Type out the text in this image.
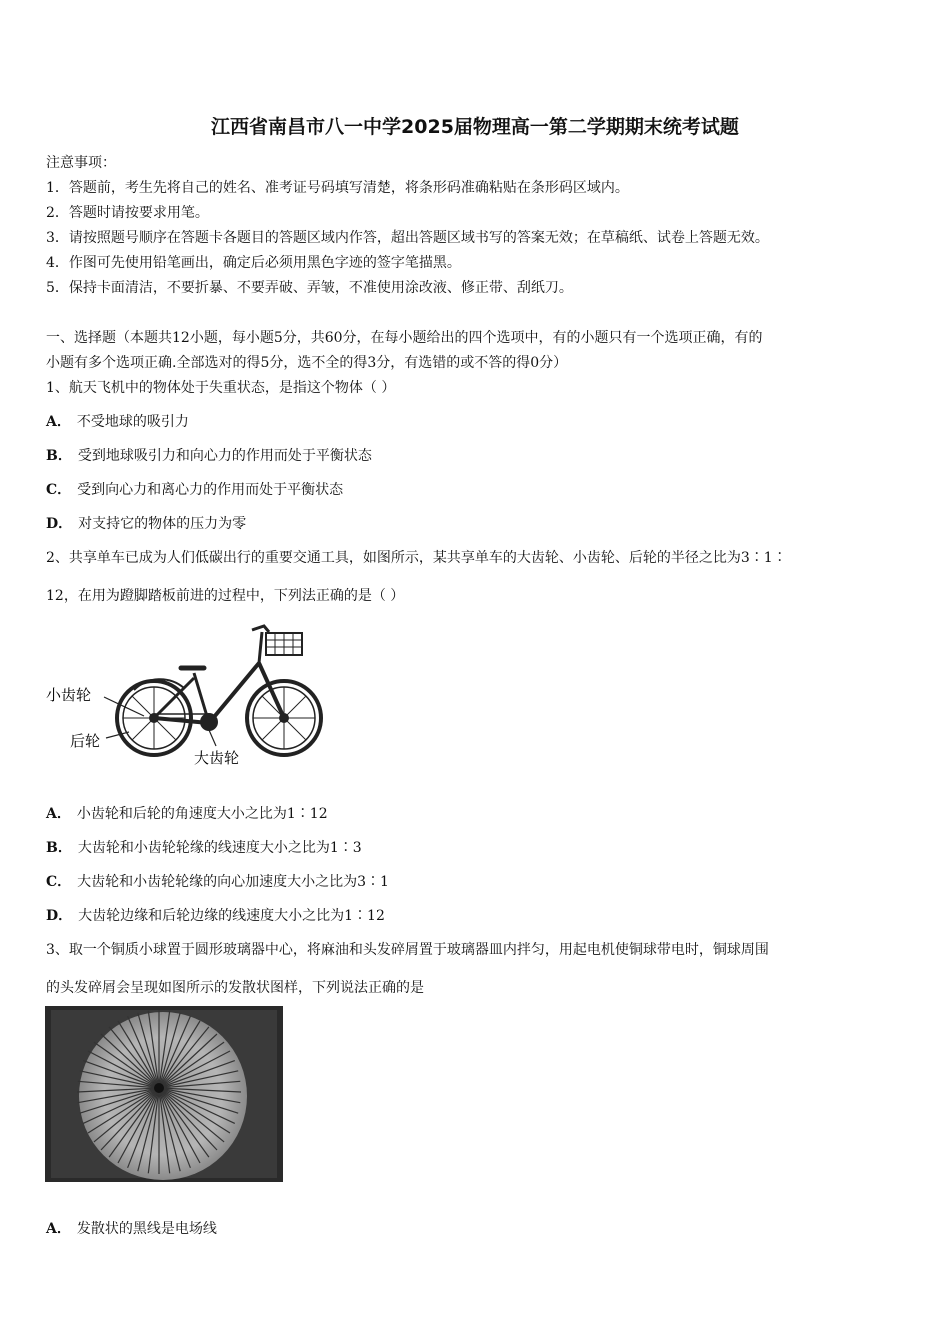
江西省南昌市八一中学2025届物理高一第二学期期末统考试题
注意事项：
1．答题前，考生先将自己的姓名、准考证号码填写清楚，将条形码准确粘贴在条形码区域内。
2．答题时请按要求用笔。
3．请按照题号顺序在答题卡各题目的答题区域内作答，超出答题区域书写的答案无效；在草稿纸、试卷上答题无效。
4．作图可先使用铅笔画出，确定后必须用黑色字迹的签字笔描黑。
5．保持卡面清洁，不要折暴、不要弄破、弄皱，不准使用涂改液、修正带、刮纸刀。
一、选择题（本题共12小题，每小题5分，共60分，在每小题给出的四个选项中，有的小题只有一个选项正确，有的
小题有多个选项正确.全部选对的得5分，选不全的得3分，有选错的或不答的得0分）
1、航天飞机中的物体处于失重状态，是指这个物体（ ）
A． 不受地球的吸引力
B． 受到地球吸引力和向心力的作用而处于平衡状态
C． 受到向心力和离心力的作用而处于平衡状态
D． 对支持它的物体的压力为零
2、共享单车已成为人们低碳出行的重要交通工具，如图所示，某共享单车的大齿轮、小齿轮、后轮的半径之比为3∶1∶
12，在用为蹬脚踏板前进的过程中，下列法正确的是（ ）
小齿轮
后轮
大齿轮
A． 小齿轮和后轮的角速度大小之比为1∶12
B． 大齿轮和小齿轮轮缘的线速度大小之比为1∶3
C． 大齿轮和小齿轮轮缘的向心加速度大小之比为3∶1
D． 大齿轮边缘和后轮边缘的线速度大小之比为1∶12
3、取一个铜质小球置于圆形玻璃器中心，将麻油和头发碎屑置于玻璃器皿内拌匀，用起电机使铜球带电时，铜球周围
的头发碎屑会呈现如图所示的发散状图样，下列说法正确的是
A． 发散状的黑线是电场线
